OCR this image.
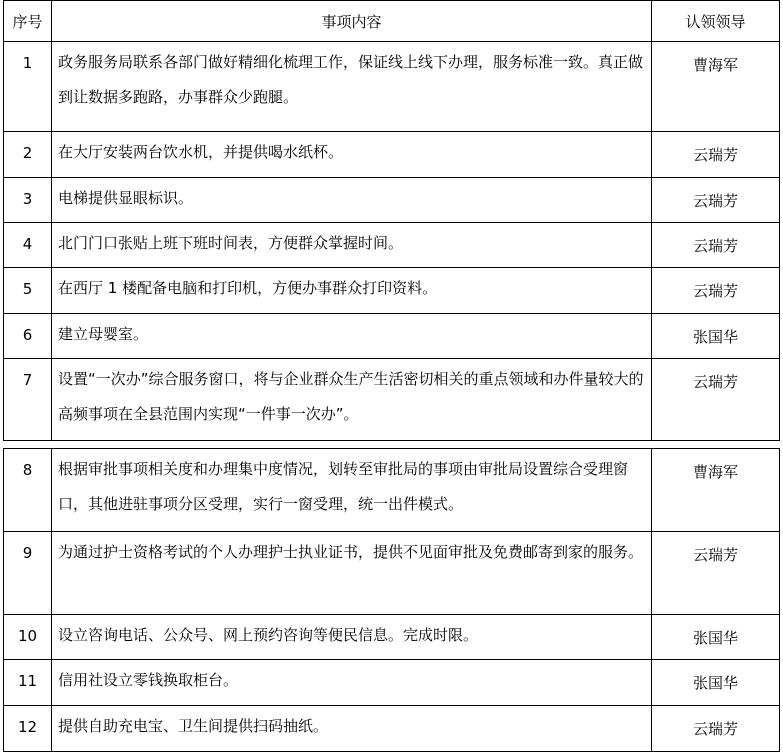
序号	事项内容	认领领导
1	政务服务局联系各部门做好精细化梳理工作，保证线上线下办理，服务标准一致。真正做到让数据多跑路，办事群众少跑腿。	曹海军
2	在大厅安装两台饮水机，并提供喝水纸杯。	云瑞芳
3	电梯提供显眼标识。	云瑞芳
4	北门门口张贴上班下班时间表，方便群众掌握时间。	云瑞芳
5	在西厅 1 楼配备电脑和打印机，方便办事群众打印资料。	云瑞芳
6	建立母婴室。	张国华
7	设置“一次办”综合服务窗口，将与企业群众生产生活密切相关的重点领域和办件量较大的高频事项在全县范围内实现“一件事一次办”。	云瑞芳
8	根据审批事项相关度和办理集中度情况，划转至审批局的事项由审批局设置综合受理窗口，其他进驻事项分区受理，实行一窗受理，统一出件模式。	曹海军
9	为通过护士资格考试的个人办理护士执业证书，提供不见面审批及免费邮寄到家的服务。	云瑞芳
10	设立咨询电话、公众号、网上预约咨询等便民信息。完成时限。	张国华
11	信用社设立零钱换取柜台。	张国华
12	提供自助充电宝、卫生间提供扫码抽纸。	云瑞芳
